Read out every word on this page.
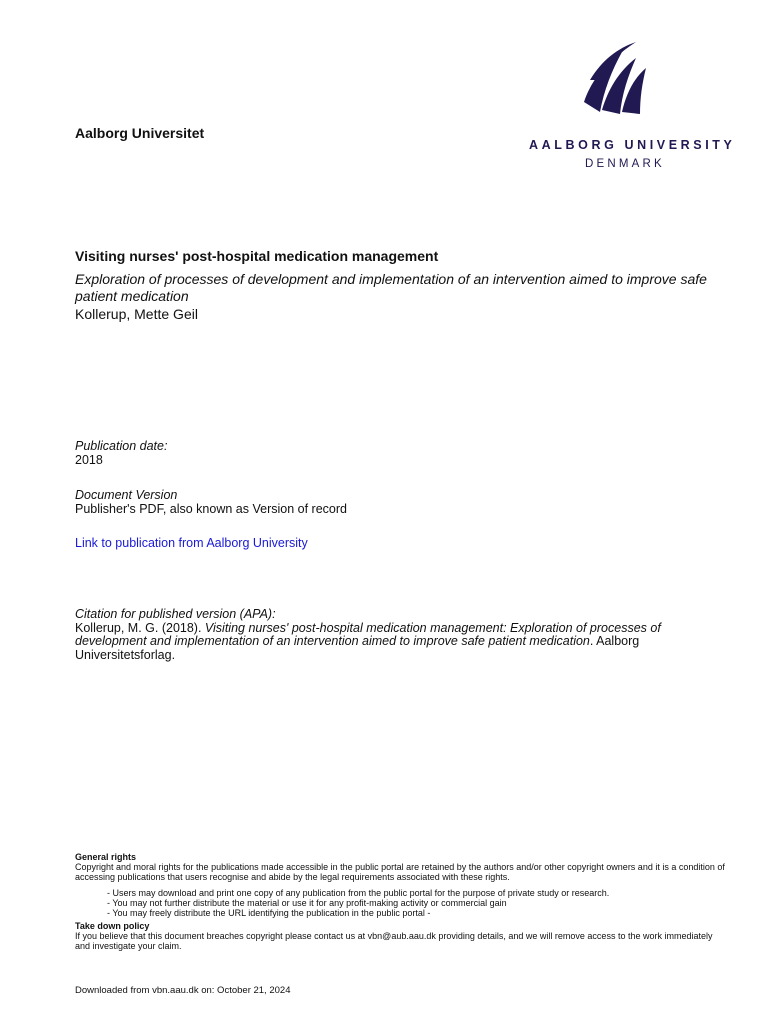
Aalborg Universitet
AALBORG UNIVERSITY
DENMARK
Visiting nurses' post-hospital medication management
Exploration of processes of development and implementation of an intervention aimed to improve safe patient medication
Kollerup, Mette Geil
Publication date:
2018
Document Version
Publisher's PDF, also known as Version of record
Link to publication from Aalborg University
Citation for published version (APA):
Kollerup, M. G. (2018). Visiting nurses' post-hospital medication management: Exploration of processes of development and implementation of an intervention aimed to improve safe patient medication. Aalborg Universitetsforlag.
General rights
Copyright and moral rights for the publications made accessible in the public portal are retained by the authors and/or other copyright owners and it is a condition of accessing publications that users recognise and abide by the legal requirements associated with these rights.
- Users may download and print one copy of any publication from the public portal for the purpose of private study or research.
- You may not further distribute the material or use it for any profit-making activity or commercial gain
- You may freely distribute the URL identifying the publication in the public portal -
Take down policy
If you believe that this document breaches copyright please contact us at vbn@aub.aau.dk providing details, and we will remove access to the work immediately and investigate your claim.
Downloaded from vbn.aau.dk on: October 21, 2024
